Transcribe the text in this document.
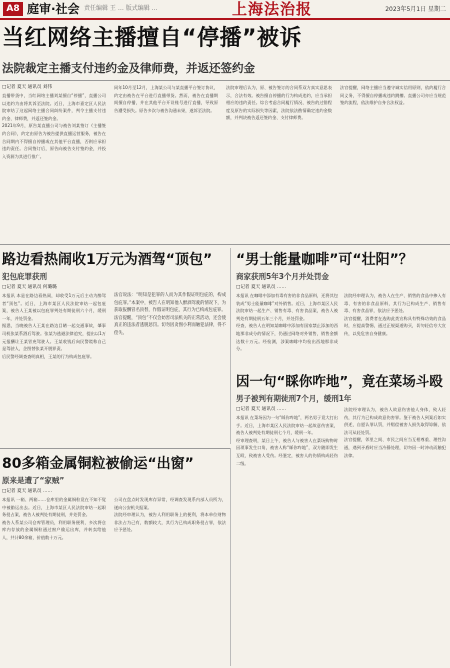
A8 庭审·社会 责任编辑 王 … 版式编辑 …	上海法治报	2023年5月1日 星期二
当红网络主播擅自“停播”被诉
法院裁定主播支付违约金及律师费，并返还签约金
□记者 夏天 通讯员 刘伟
直播带货中，当红网络主播刘某擅自“停播”，直播公司以违约为由将其诉至法院。近日，上海市嘉定区人民法院审结了这起网络主播合同纠纷案件，判令主播支付违约金、律师费，并返还签约金。
2021年9月，原告某直播公司与被告刘某签订《主播签约合同》，约定由原告为被告提供直播运营服务，被告在合同期内不得擅自停播或在其他平台直播，否则应承担违约责任。合同签订后，原告向被告支付签约金，并投入资源为其进行推广。
同年10月至12月，上海某公司与某直播平台签订协议，约定由被告在平台进行直播带货。然而，被告在直播期间擅自停播，并在其他平台开设账号进行直播，导致原告遭受损失。原告多次与被告沟通未果，遂诉至法院。
法院审理后认为，原、被告签订的合同系双方真实意思表示，合法有效。被告擅自停播的行为构成违约，应当承担相应的违约责任。综合考虑合同履行情况、被告的过错程度及原告的实际损失等因素，法院依法酌情确定违约金数额，并判决被告返还签约金、支付律师费。
法官提醒，网络主播应当遵守诚实信用原则，依约履行合同义务，不得擅自停播或违约跳槽。直播公司亦应当规范签约流程，依法维护自身合法权益。
路边看热闹收1万元为酒驾“顶包”
犯包庇罪获刑
□记者 夏天 通讯员 何璐璐
本报讯 本是在路边看热闹，却收受1万元后主动为醉驾者“顶包”。近日，上海市某区人民法院审结一起包庇案，被告人王某被以包庇罪判处有期徒刑六个月，缓刑一年，并处罚金。
据悉，当晚被告人王某在路边目睹一起交通事故，肇事司机张某系酒后驾驶。张某为逃避法律追究，提出以1万元报酬让王某冒充驾驶人。王某收钱后向民警谎称自己是驾驶人，企图替张某开脱罪责。
后民警经调查查明真相，王某的行为构成包庇罪。
法官说法：“明知是犯罪的人而为其作假证明包庇的，构成包庇罪。”本案中，被告人在明知他人醉酒驾驶的情况下，为获取报酬冒名顶替，作假证明包庇，其行为已构成包庇罪。
法官提醒，“顶包”不仅会妨害司法机关的正常活动，还会使真正的违法者逃脱惩罚。切勿因贪图小利而触犯法律，得不偿失。
“男士能量咖啡”可“壮阳”？
商家获刑5年3个月并处罚金
□记者 夏天 通讯员 ……
本报讯 在咖啡中添加有毒有害的非食品原料，还将其包装成“男士能量咖啡”对外销售。近日，上海市某区人民法院审结一起生产、销售有毒、有害食品案，被告人被判处有期徒刑五年三个月，并处罚金。
经查，被告人在明知某咖啡中添加有国家禁止添加的西地那非成分的情况下，仍通过网络对外销售，销售金额达数十万元。经检测，涉案咖啡中均检出西地那非成分。
法院经审理认为，被告人在生产、销售的食品中掺入有毒、有害的非食品原料，其行为已构成生产、销售有毒、有害食品罪，依法应予惩处。
法官提醒，消费者在选购此类宣称具有特殊功效的食品时，应提高警惕，通过正规渠道购买，切勿轻信夸大宣传，以免危害自身健康。
因一句“睬你咋地”，竟在菜场斗殴
男子被判有期徒刑7个月，缓刑1年
□记者 夏天 通讯员 ……
本报讯 在菜场因为一句“睬你咋地”，两名男子竟大打出手。近日，上海市某区人民法院审结一起故意伤害案，被告人被判处有期徒刑七个月，缓刑一年。
经审理查明，某日上午，被告人与被害人在菜场购物时因琐事发生口角，被害人称“睬你咋地”，双方随即发生互殴，致被害人受伤。经鉴定，被害人的伤情构成轻伤二级。
法院经审理认为，被告人故意伤害他人身体，致人轻伤，其行为已构成故意伤害罪。鉴于被告人到案后如实供述，自愿认罪认罚，并赔偿被害人损失取得谅解，依法可从轻处罚。
法官提醒，邻里之间、市民之间应当互相尊重、理性沟通，遇到矛盾时应当冷静处理，切勿因一时冲动而触犯法律。
80多箱金属铜粒被偷运“出窗”
原来是遭了“家贼”
□记者 夏天 通讯员 ……
本报讯 一箱、两箱……仓库里的金属铜粒竟在不知不觉中被偷运出去。近日，上海市某区人民法院审结一起职务侵占案，被告人被判处有期徒刑，并处罚金。
被告人系某公司仓库管理员，利用职务便利，多次将仓库内存放的金属铜粒通过窗户偷运出库，并转卖给他人，共计80余箱，价值数十万元。
公司在盘点时发现库存异常，经调查发现系内部人员所为，遂向公安机关报案。
法院经审理认为，被告人利用职务上的便利，将本单位财物非法占为己有，数额较大，其行为已构成职务侵占罪，依法应予惩处。
